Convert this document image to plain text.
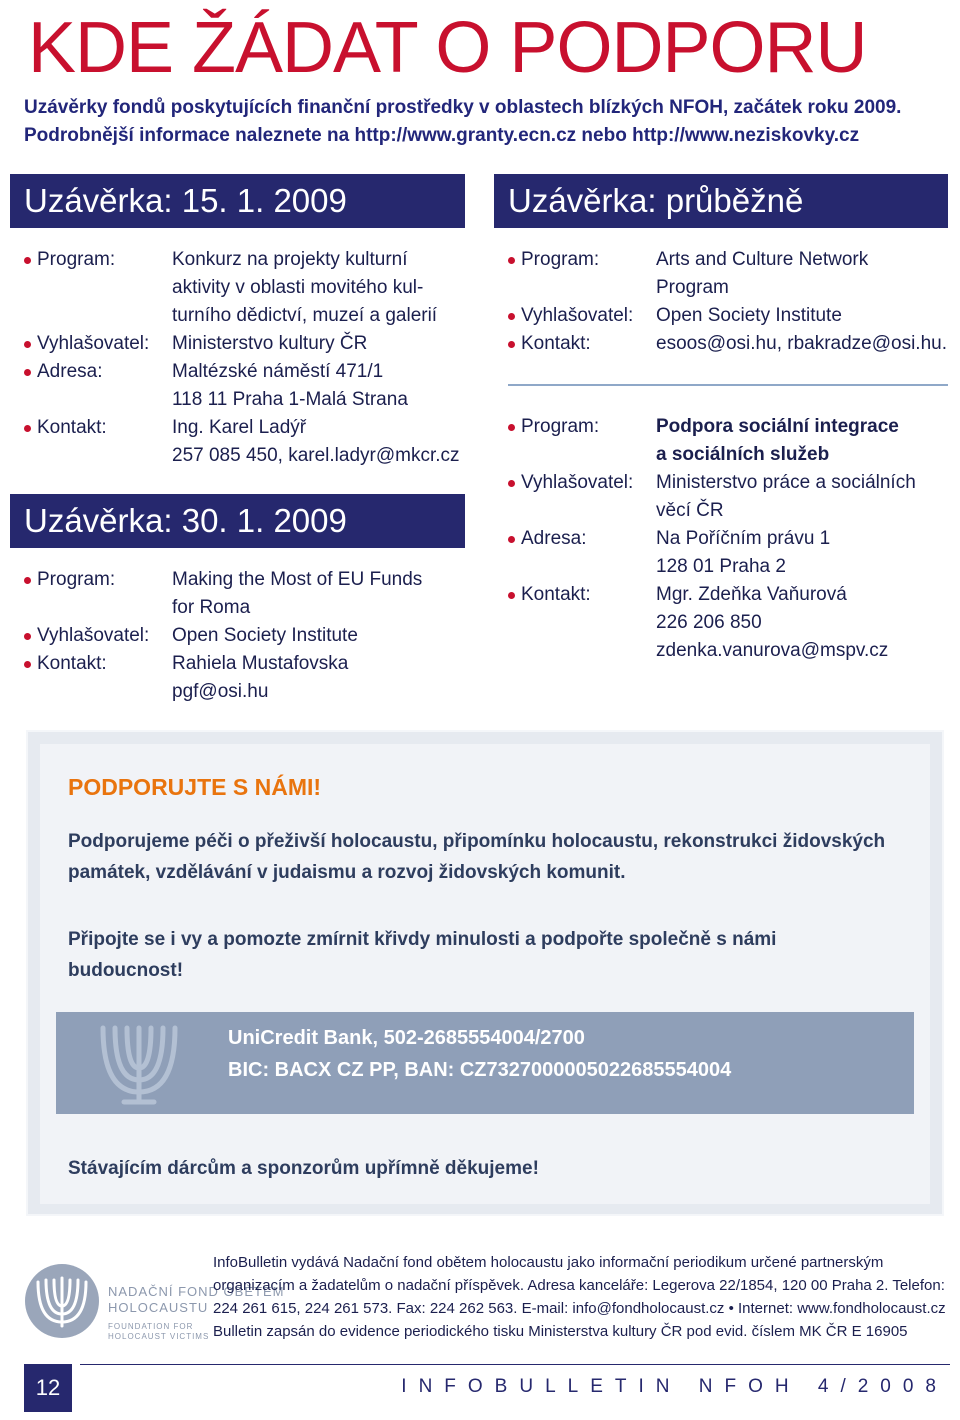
KDE ŽÁDAT O PODPORU
Uzávěrky fondů poskytujících finanční prostředky v oblastech blízkých NFOH, začátek roku 2009.
Podrobnější informace naleznete na http://www.granty.ecn.cz nebo http://www.neziskovky.cz
Uzávěrka: 15. 1. 2009
Program:	Konkurz na projekty kulturní
aktivity v oblasti movitého kul-
turního dědictví, muzeí a galerií
Vyhlašovatel:	Ministerstvo kultury ČR
Adresa:	Maltézské náměstí 471/1
118 11 Praha 1-Malá Strana
Kontakt:	Ing. Karel Ladýř
257 085 450, karel.ladyr@mkcr.cz
Uzávěrka: 30. 1. 2009
Program:	Making the Most of EU Funds
for Roma
Vyhlašovatel:	Open Society Institute
Kontakt:	Rahiela Mustafovska
pgf@osi.hu
Uzávěrka: průběžně
Program:	Arts and Culture Network
Program
Vyhlašovatel:	Open Society Institute
Kontakt:	esoos@osi.hu, rbakradze@osi.hu.
Program:	Podpora sociální integrace
a sociálních služeb
Vyhlašovatel:	Ministerstvo práce a sociálních
věcí ČR
Adresa:	Na Poříčním právu 1
128 01 Praha 2
Kontakt:	Mgr. Zdeňka Vaňurová
226 206 850
zdenka.vanurova@mspv.cz
PODPORUJTE S NÁMI!
Podporujeme péči o přeživší holocaustu, připomínku holocaustu, rekonstrukci židovských
památek, vzdělávání v judaismu a rozvoj židovských komunit.
Připojte se i vy a pomozte zmírnit křivdy minulosti a podpořte společně s námi
budoucnost!
UniCredit Bank, 502-2685554004/2700
BIC: BACX CZ PP, BAN: CZ7327000005022685554004
Stávajícím dárcům a sponzorům upřímně děkujeme!
NADAČNÍ FOND OBĚTEM
HOLOCAUSTU
FOUNDATION FOR
HOLOCAUST VICTIMS
InfoBulletin vydává Nadační fond obětem holocaustu jako informační periodikum určené partnerským
organizacím a žadatelům o nadační příspěvek. Adresa kanceláře: Legerova 22/1854, 120 00 Praha 2. Telefon:
224 261 615, 224 261 573. Fax: 224 262 563. E-mail: info@fondholocaust.cz • Internet: www.fondholocaust.cz
Bulletin zapsán do evidence periodického tisku Ministerstva kultury ČR pod evid. číslem MK ČR E 16905
12	INFOBULLETIN NFOH 4/2008
